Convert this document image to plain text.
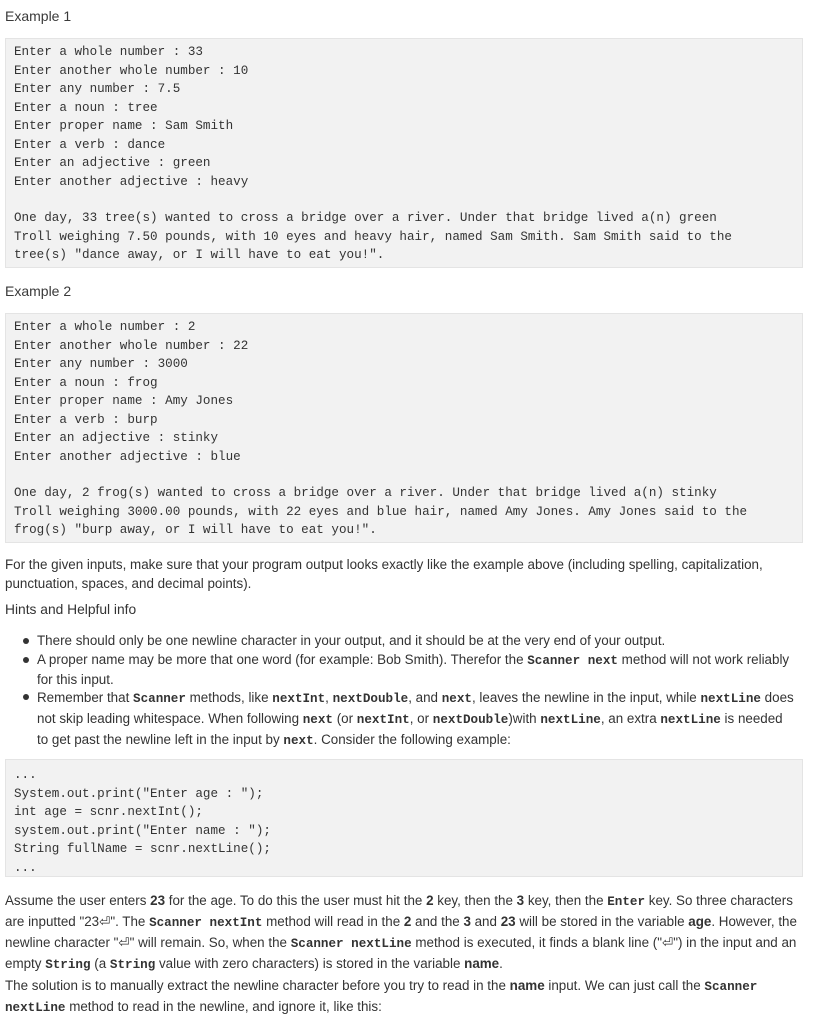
Example 1
Enter a whole number : 33
Enter another whole number : 10
Enter any number : 7.5
Enter a noun : tree
Enter proper name : Sam Smith
Enter a verb : dance
Enter an adjective : green
Enter another adjective : heavy
One day, 33 tree(s) wanted to cross a bridge over a river. Under that bridge lived a(n) green
Troll weighing 7.50 pounds, with 10 eyes and heavy hair, named Sam Smith. Sam Smith said to the
tree(s) "dance away, or I will have to eat you!".
Example 2
Enter a whole number : 2
Enter another whole number : 22
Enter any number : 3000
Enter a noun : frog
Enter proper name : Amy Jones
Enter a verb : burp
Enter an adjective : stinky
Enter another adjective : blue
One day, 2 frog(s) wanted to cross a bridge over a river. Under that bridge lived a(n) stinky
Troll weighing 3000.00 pounds, with 22 eyes and blue hair, named Amy Jones. Amy Jones said to the
frog(s) "burp away, or I will have to eat you!".
For the given inputs, make sure that your program output looks exactly like the example above (including spelling, capitalization, punctuation, spaces, and decimal points).
Hints and Helpful info
There should only be one newline character in your output, and it should be at the very end of your output.
A proper name may be more that one word (for example: Bob Smith). Therefor the Scanner next method will not work reliably for this input.
Remember that Scanner methods, like nextInt, nextDouble, and next, leaves the newline in the input, while nextLine does not skip leading whitespace. When following next (or nextInt, or nextDouble)with nextLine, an extra nextLine is needed to get past the newline left in the input by next. Consider the following example:
...
System.out.print("Enter age : ");
int age = scnr.nextInt();
system.out.print("Enter name : ");
String fullName = scnr.nextLine();
...
Assume the user enters 23 for the age. To do this the user must hit the 2 key, then the 3 key, then the Enter key. So three characters are inputted "23⏎". The Scanner nextInt method will read in the 2 and the 3 and 23 will be stored in the variable age. However, the newline character "⏎" will remain. So, when the Scanner nextLine method is executed, it finds a blank line ("⏎") in the input and an empty String (a String value with zero characters) is stored in the variable name.
The solution is to manually extract the newline character before you try to read in the name input. We can just call the Scanner nextLine method to read in the newline, and ignore it, like this:
